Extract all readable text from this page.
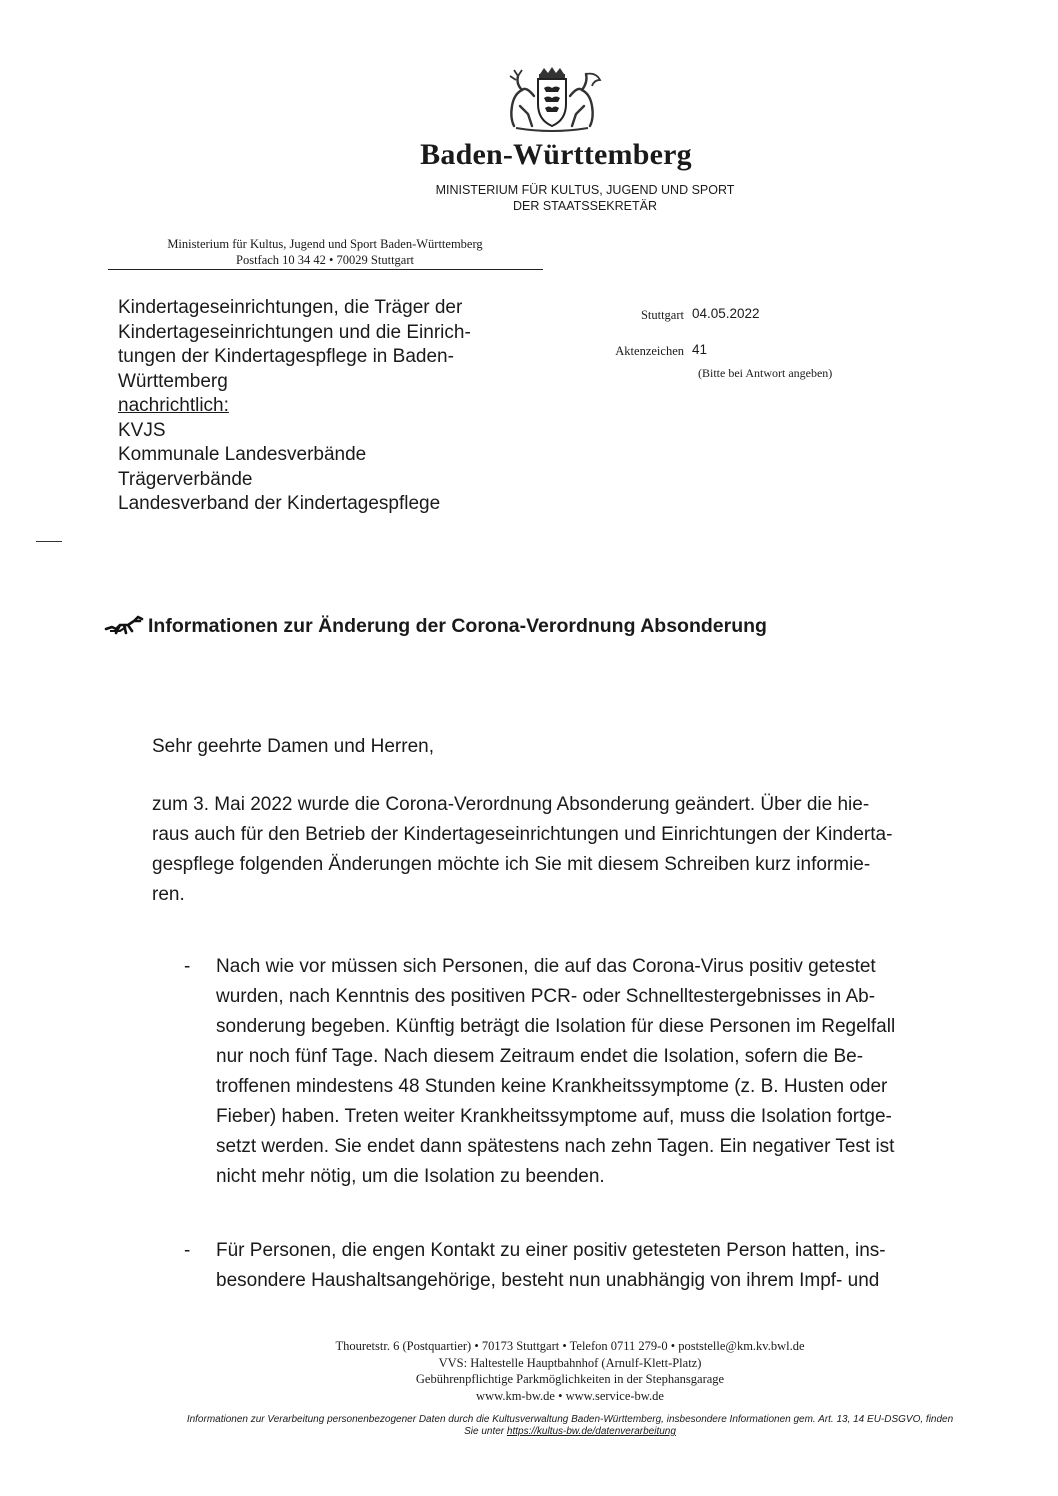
Baden-Württemberg
MINISTERIUM FÜR KULTUS, JUGEND UND SPORT
DER STAATSSEKRETÄR
Ministerium für Kultus, Jugend und Sport Baden-Württemberg
Postfach 10 34 42 • 70029 Stuttgart
Kindertageseinrichtungen, die Träger der
Kindertageseinrichtungen und die Einrich-
tungen der Kindertagespflege in Baden-
Württemberg
nachrichtlich:
KVJS
Kommunale Landesverbände
Trägerverbände
Landesverband der Kindertagespflege
Stuttgart 04.05.2022
Aktenzeichen 41
(Bitte bei Antwort angeben)
Informationen zur Änderung der Corona-Verordnung Absonderung
Sehr geehrte Damen und Herren,
zum 3. Mai 2022 wurde die Corona-Verordnung Absonderung geändert. Über die hie-
raus auch für den Betrieb der Kindertageseinrichtungen und Einrichtungen der Kinderta-
gespflege folgenden Änderungen möchte ich Sie mit diesem Schreiben kurz informie-
ren.
- Nach wie vor müssen sich Personen, die auf das Corona-Virus positiv getestet
wurden, nach Kenntnis des positiven PCR- oder Schnelltestergebnisses in Ab-
sonderung begeben. Künftig beträgt die Isolation für diese Personen im Regelfall
nur noch fünf Tage. Nach diesem Zeitraum endet die Isolation, sofern die Be-
troffenen mindestens 48 Stunden keine Krankheitssymptome (z. B. Husten oder
Fieber) haben. Treten weiter Krankheitssymptome auf, muss die Isolation fortge-
setzt werden. Sie endet dann spätestens nach zehn Tagen. Ein negativer Test ist
nicht mehr nötig, um die Isolation zu beenden.
- Für Personen, die engen Kontakt zu einer positiv getesteten Person hatten, ins-
besondere Haushaltsangehörige, besteht nun unabhängig von ihrem Impf- und
Thouretstr. 6 (Postquartier) • 70173 Stuttgart • Telefon 0711 279-0 • poststelle@km.kv.bwl.de
VVS: Haltestelle Hauptbahnhof (Arnulf-Klett-Platz)
Gebührenpflichtige Parkmöglichkeiten in der Stephansgarage
www.km-bw.de • www.service-bw.de
Informationen zur Verarbeitung personenbezogener Daten durch die Kultusverwaltung Baden-Württemberg, insbesondere Informationen gem. Art. 13, 14 EU-DSGVO, finden
Sie unter https://kultus-bw.de/datenverarbeitung
